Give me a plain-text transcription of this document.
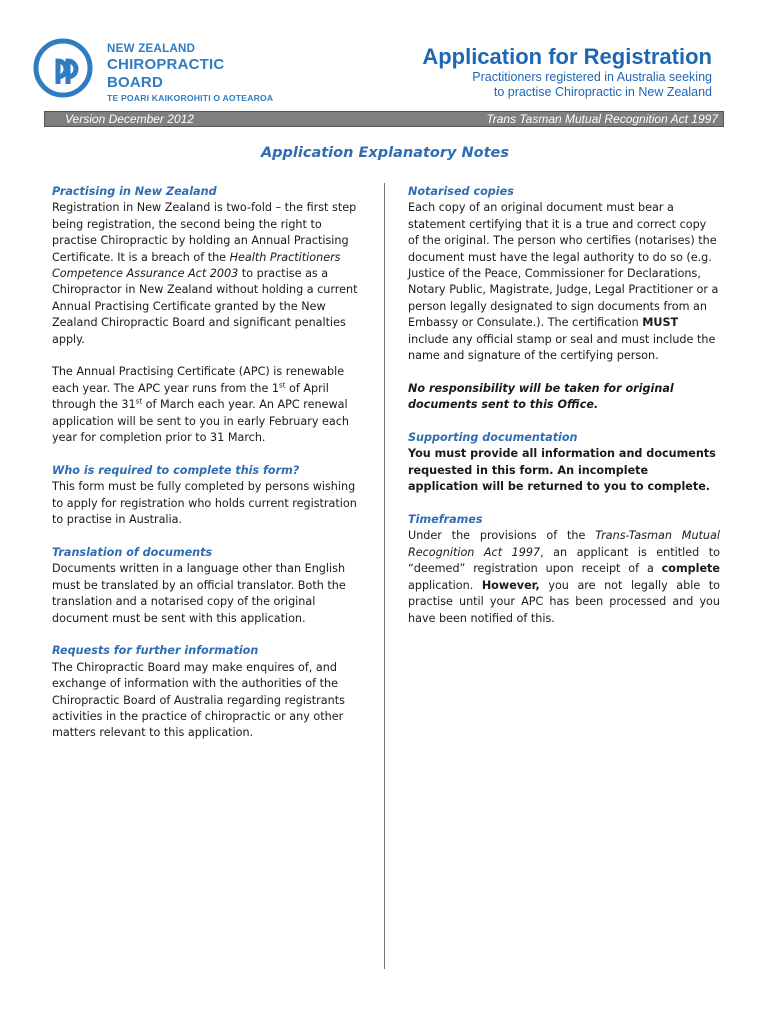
NEW ZEALAND
CHIROPRACTIC BOARD
TE POARI KAIKOROHITI O AOTEAROA
Application for Registration
Practitioners registered in Australia seeking
to practise Chiropractic in New Zealand
Version December 2012	Trans Tasman Mutual Recognition Act 1997
Application Explanatory Notes
Practising in New Zealand
Registration in New Zealand is two-fold – the first step being registration, the second being the right to practise Chiropractic by holding an Annual Practising Certificate. It is a breach of the Health Practitioners Competence Assurance Act 2003 to practise as a Chiropractor in New Zealand without holding a current Annual Practising Certificate granted by the New Zealand Chiropractic Board and significant penalties apply.
The Annual Practising Certificate (APC) is renewable each year. The APC year runs from the 1st of April through the 31st of March each year. An APC renewal application will be sent to you in early February each year for completion prior to 31 March.
Who is required to complete this form?
This form must be fully completed by persons wishing to apply for registration who holds current registration to practise in Australia.
Translation of documents
Documents written in a language other than English must be translated by an official translator. Both the translation and a notarised copy of the original document must be sent with this application.
Requests for further information
The Chiropractic Board may make enquires of, and exchange of information with the authorities of the Chiropractic Board of Australia regarding registrants activities in the practice of chiropractic or any other matters relevant to this application.
Notarised copies
Each copy of an original document must bear a statement certifying that it is a true and correct copy of the original. The person who certifies (notarises) the document must have the legal authority to do so (e.g. Justice of the Peace, Commissioner for Declarations, Notary Public, Magistrate, Judge, Legal Practitioner or a person legally designated to sign documents from an Embassy or Consulate.). The certification MUST include any official stamp or seal and must include the name and signature of the certifying person.
No responsibility will be taken for original documents sent to this Office.
Supporting documentation
You must provide all information and documents requested in this form. An incomplete application will be returned to you to complete.
Timeframes
Under the provisions of the Trans-Tasman Mutual Recognition Act 1997, an applicant is entitled to “deemed” registration upon receipt of a complete application. However, you are not legally able to practise until your APC has been processed and you have been notified of this.
